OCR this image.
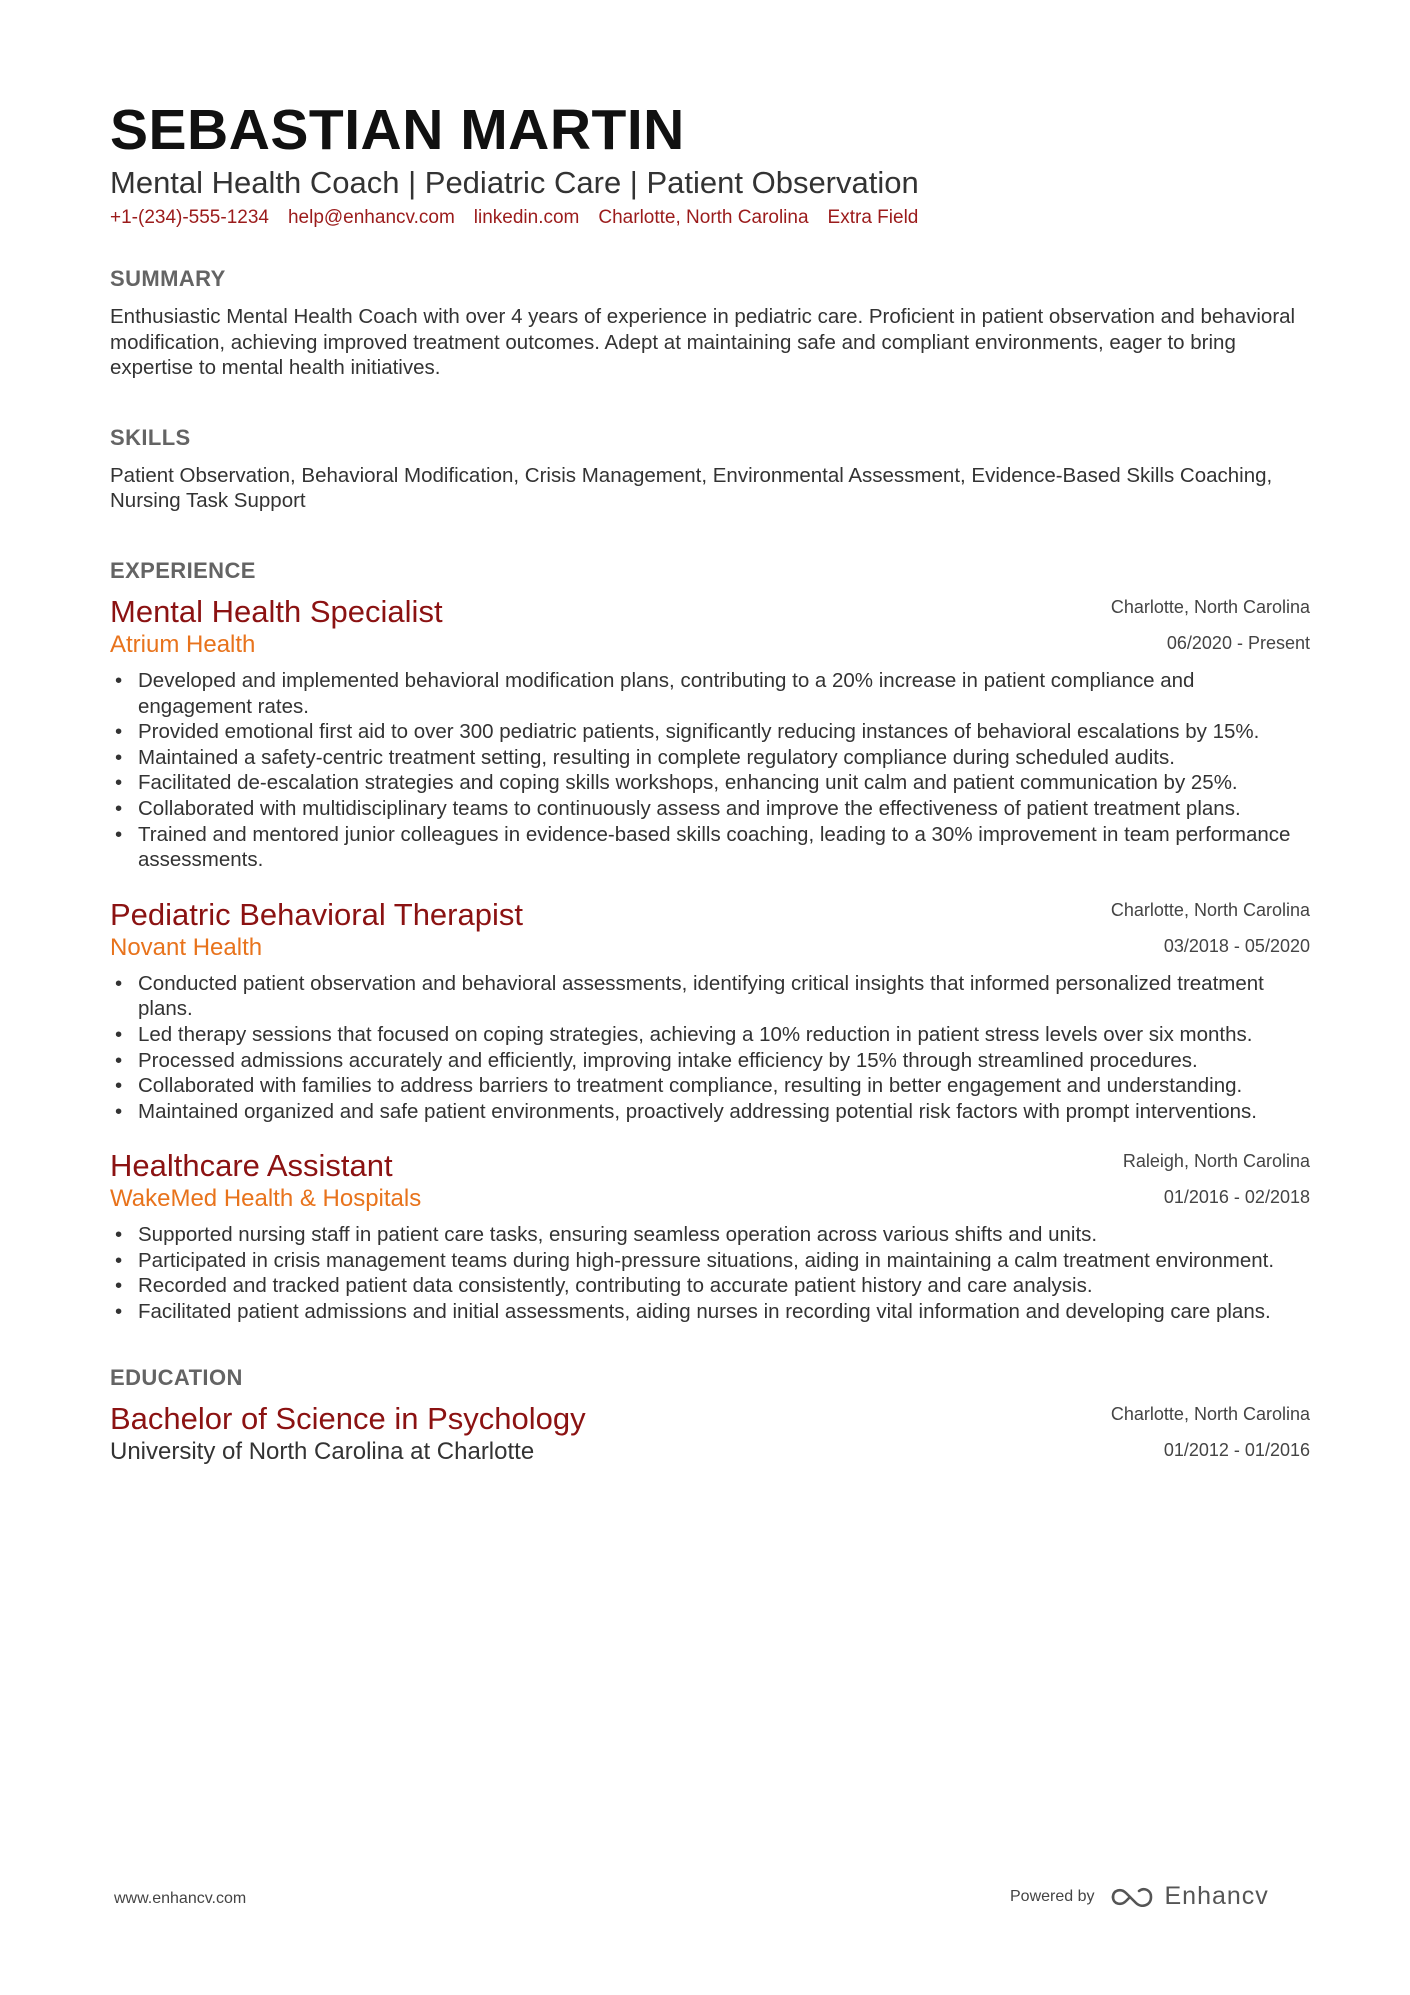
SEBASTIAN MARTIN
Mental Health Coach | Pediatric Care | Patient Observation
+1-(234)-555-1234 help@enhancv.com linkedin.com Charlotte, North Carolina Extra Field
SUMMARY
Enthusiastic Mental Health Coach with over 4 years of experience in pediatric care. Proficient in patient observation and behavioral modification, achieving improved treatment outcomes. Adept at maintaining safe and compliant environments, eager to bring expertise to mental health initiatives.
SKILLS
Patient Observation, Behavioral Modification, Crisis Management, Environmental Assessment, Evidence-Based Skills Coaching, Nursing Task Support
EXPERIENCE
Mental Health Specialist
Atrium Health
Charlotte, North Carolina
06/2020 - Present
• Developed and implemented behavioral modification plans, contributing to a 20% increase in patient compliance and engagement rates.
• Provided emotional first aid to over 300 pediatric patients, significantly reducing instances of behavioral escalations by 15%.
• Maintained a safety-centric treatment setting, resulting in complete regulatory compliance during scheduled audits.
• Facilitated de-escalation strategies and coping skills workshops, enhancing unit calm and patient communication by 25%.
• Collaborated with multidisciplinary teams to continuously assess and improve the effectiveness of patient treatment plans.
• Trained and mentored junior colleagues in evidence-based skills coaching, leading to a 30% improvement in team performance assessments.
Pediatric Behavioral Therapist
Novant Health
Charlotte, North Carolina
03/2018 - 05/2020
• Conducted patient observation and behavioral assessments, identifying critical insights that informed personalized treatment plans.
• Led therapy sessions that focused on coping strategies, achieving a 10% reduction in patient stress levels over six months.
• Processed admissions accurately and efficiently, improving intake efficiency by 15% through streamlined procedures.
• Collaborated with families to address barriers to treatment compliance, resulting in better engagement and understanding.
• Maintained organized and safe patient environments, proactively addressing potential risk factors with prompt interventions.
Healthcare Assistant
WakeMed Health & Hospitals
Raleigh, North Carolina
01/2016 - 02/2018
• Supported nursing staff in patient care tasks, ensuring seamless operation across various shifts and units.
• Participated in crisis management teams during high-pressure situations, aiding in maintaining a calm treatment environment.
• Recorded and tracked patient data consistently, contributing to accurate patient history and care analysis.
• Facilitated patient admissions and initial assessments, aiding nurses in recording vital information and developing care plans.
EDUCATION
Bachelor of Science in Psychology
University of North Carolina at Charlotte
Charlotte, North Carolina
01/2012 - 01/2016
www.enhancv.com	Powered by	Enhancv
